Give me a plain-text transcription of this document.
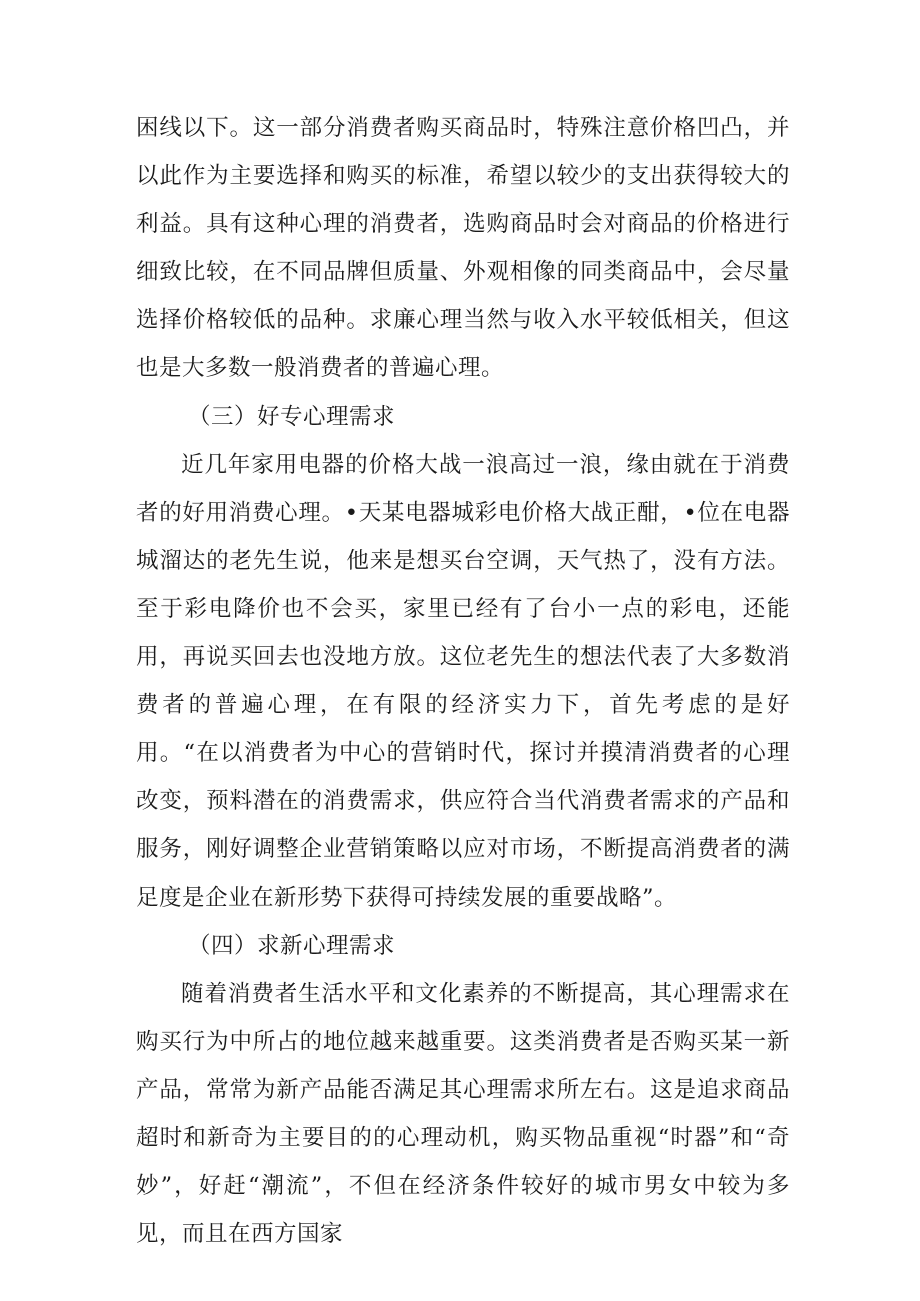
困线以下。这一部分消费者购买商品时，特殊注意价格凹凸，并以此作为主要选择和购买的标准，希望以较少的支出获得较大的利益。具有这种心理的消费者，选购商品时会对商品的价格进行细致比较，在不同品牌但质量、外观相像的同类商品中，会尽量选择价格较低的品种。求廉心理当然与收入水平较低相关，但这也是大多数一般消费者的普遍心理。

（三）好专心理需求

近几年家用电器的价格大战一浪高过一浪，缘由就在于消费者的好用消费心理。•天某电器城彩电价格大战正酣，•位在电器城溜达的老先生说，他来是想买台空调，天气热了，没有方法。至于彩电降价也不会买，家里已经有了台小一点的彩电，还能用，再说买回去也没地方放。这位老先生的想法代表了大多数消费者的普遍心理，在有限的经济实力下，首先考虑的是好用。“在以消费者为中心的营销时代，探讨并摸清消费者的心理改变，预料潜在的消费需求，供应符合当代消费者需求的产品和服务，刚好调整企业营销策略以应对市场，不断提高消费者的满足度是企业在新形势下获得可持续发展的重要战略”。

（四）求新心理需求

随着消费者生活水平和文化素养的不断提高，其心理需求在购买行为中所占的地位越来越重要。这类消费者是否购买某一新产品，常常为新产品能否满足其心理需求所左右。这是追求商品超时和新奇为主要目的的心理动机，购买物品重视“时器”和“奇妙”，好赶“潮流”，不但在经济条件较好的城市男女中较为多见，而且在西方国家
